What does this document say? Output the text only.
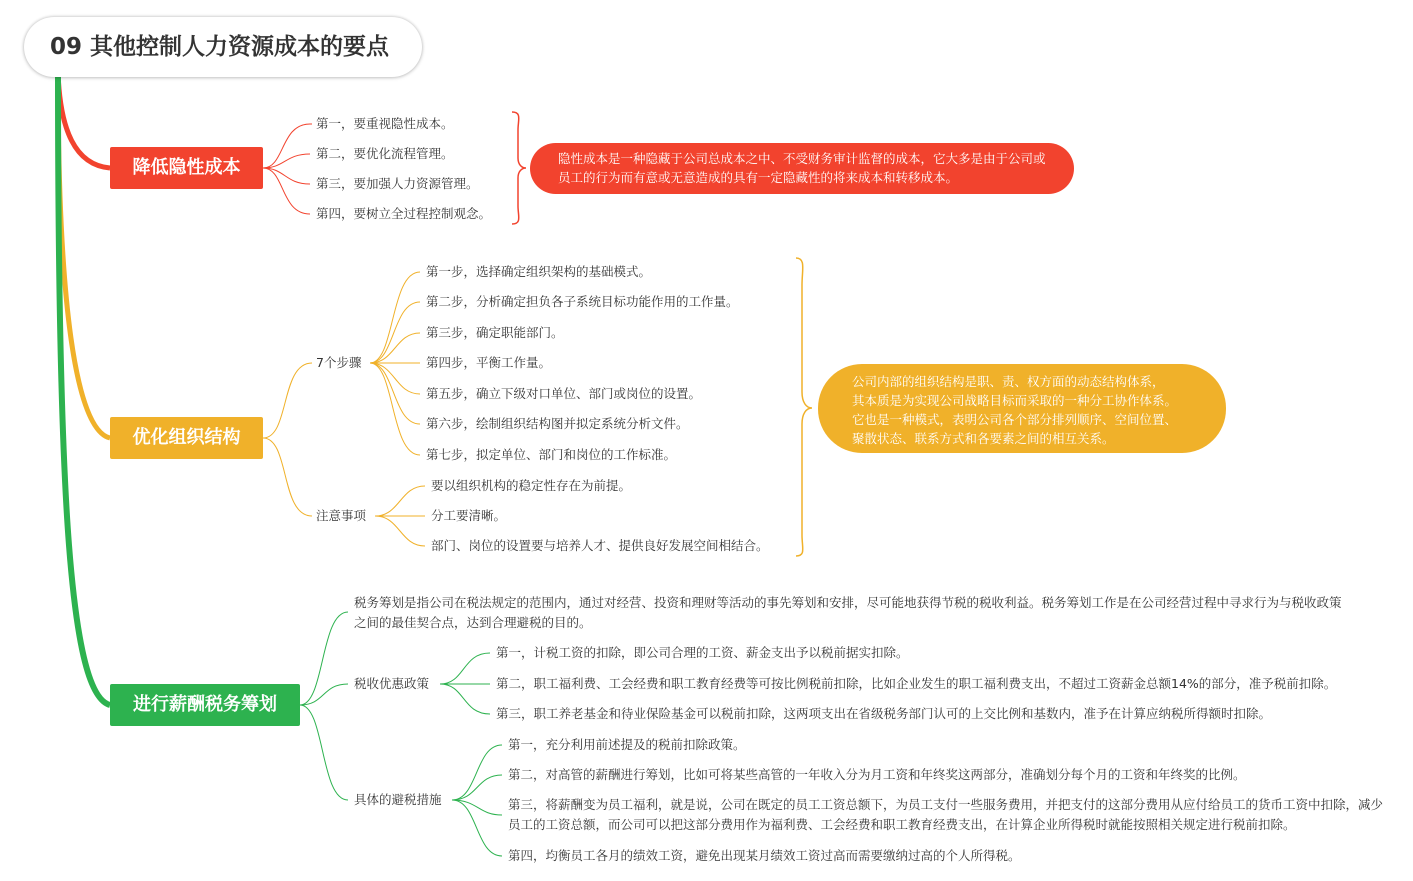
09 其他控制人力资源成本的要点
降低隐性成本
第一，要重视隐性成本。
第二，要优化流程管理。
第三，要加强人力资源管理。
第四，要树立全过程控制观念。
隐性成本是一种隐藏于公司总成本之中、不受财务审计监督的成本，它大多是由于公司或员工的行为而有意或无意造成的具有一定隐藏性的将来成本和转移成本。
优化组织结构
7个步骤
第一步，选择确定组织架构的基础模式。
第二步，分析确定担负各子系统目标功能作用的工作量。
第三步，确定职能部门。
第四步，平衡工作量。
第五步，确立下级对口单位、部门或岗位的设置。
第六步，绘制组织结构图并拟定系统分析文件。
第七步，拟定单位、部门和岗位的工作标准。
注意事项
要以组织机构的稳定性存在为前提。
分工要清晰。
部门、岗位的设置要与培养人才、提供良好发展空间相结合。
公司内部的组织结构是职、责、权方面的动态结构体系，
其本质是为实现公司战略目标而采取的一种分工协作体系。
它也是一种模式，表明公司各个部分排列顺序、空间位置、
聚散状态、联系方式和各要素之间的相互关系。
进行薪酬税务筹划
税务筹划是指公司在税法规定的范围内，通过对经营、投资和理财等活动的事先筹划和安排，尽可能地获得节税的税收利益。税务筹划工作是在公司经营过程中寻求行为与税收政策之间的最佳契合点，达到合理避税的目的。
税收优惠政策
第一，计税工资的扣除，即公司合理的工资、薪金支出予以税前据实扣除。
第二，职工福利费、工会经费和职工教育经费等可按比例税前扣除，比如企业发生的职工福利费支出，不超过工资薪金总额14%的部分，准予税前扣除。
第三，职工养老基金和待业保险基金可以税前扣除，这两项支出在省级税务部门认可的上交比例和基数内，准予在计算应纳税所得额时扣除。
具体的避税措施
第一，充分利用前述提及的税前扣除政策。
第二，对高管的薪酬进行筹划，比如可将某些高管的一年收入分为月工资和年终奖这两部分，准确划分每个月的工资和年终奖的比例。
第三，将薪酬变为员工福利，就是说，公司在既定的员工工资总额下，为员工支付一些服务费用，并把支付的这部分费用从应付给员工的货币工资中扣除，减少员工的工资总额，而公司可以把这部分费用作为福利费、工会经费和职工教育经费支出，在计算企业所得税时就能按照相关规定进行税前扣除。
第四，均衡员工各月的绩效工资，避免出现某月绩效工资过高而需要缴纳过高的个人所得税。
